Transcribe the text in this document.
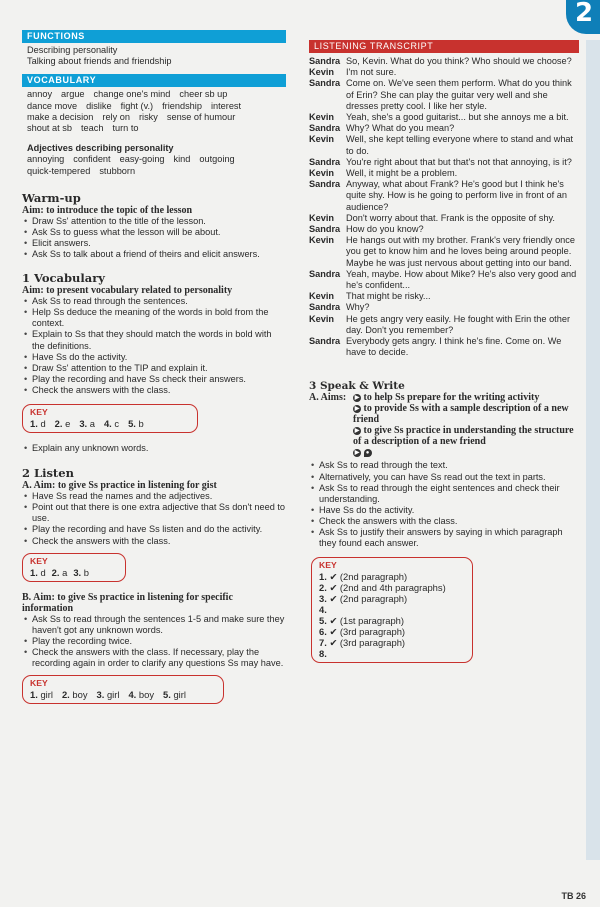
2
FUNCTIONS
Describing personality
Talking about friends and friendship
VOCABULARY
annoy argue change one's mind cheer sb up
dance move dislike fight (v.) friendship interest
make a decision rely on risky sense of humour
shout at sb teach turn to
Adjectives describing personality
annoying confident easy-going kind outgoing
quick-tempered stubborn
Warm-up
Aim: to introduce the topic of the lesson
• Draw Ss' attention to the title of the lesson.
• Ask Ss to guess what the lesson will be about.
• Elicit answers.
• Ask Ss to talk about a friend of theirs and elicit answers.
1 Vocabulary
Aim: to present vocabulary related to personality
• Ask Ss to read through the sentences.
• Help Ss deduce the meaning of the words in bold from the context.
• Explain to Ss that they should match the words in bold with the definitions.
• Have Ss do the activity.
• Draw Ss' attention to the TIP and explain it.
• Play the recording and have Ss check their answers.
• Check the answers with the class.
KEY
1. d 2. e 3. a 4. c 5. b
• Explain any unknown words.
2 Listen
A. Aim: to give Ss practice in listening for gist
• Have Ss read the names and the adjectives.
• Point out that there is one extra adjective that Ss don't need to use.
• Play the recording and have Ss listen and do the activity.
• Check the answers with the class.
KEY
1. d 2. a 3. b
B. Aim: to give Ss practice in listening for specific information
• Ask Ss to read through the sentences 1-5 and make sure they haven't got any unknown words.
• Play the recording twice.
• Check the answers with the class. If necessary, play the recording again in order to clarify any questions Ss may have.
KEY
1. girl 2. boy 3. girl 4. boy 5. girl
LISTENING TRANSCRIPT
Sandra So, Kevin. What do you think? Who should we choose?
Kevin	I'm not sure.
Sandra Come on. We've seen them perform. What do you think of Erin? She can play the guitar very well and she dresses pretty cool. I like her style.
Kevin	Yeah, she's a good guitarist... but she annoys me a bit.
Sandra Why? What do you mean?
Kevin	Well, she kept telling everyone where to stand and what to do.
Sandra You're right about that but that's not that annoying, is it?
Kevin	Well, it might be a problem.
Sandra Anyway, what about Frank? He's good but I think he's quite shy. How is he going to perform live in front of an audience?
Kevin	Don't worry about that. Frank is the opposite of shy.
Sandra How do you know?
Kevin	He hangs out with my brother. Frank's very friendly once you get to know him and he loves being around people. Maybe he was just nervous about getting into our band.
Sandra Yeah, maybe. How about Mike? He's also very good and he's confident...
Kevin	That might be risky...
Sandra Why?
Kevin	He gets angry very easily. He fought with Erin the other day. Don't you remember?
Sandra Everybody gets angry. I think he's fine. Come on. We have to decide.
3 Speak & Write
A. Aims:	▶ to help Ss prepare for the writing activity
▶ to provide Ss with a sample description of a new friend
▶ to give Ss practice in understanding the structure of a description of a new friend
▶ ●
• Ask Ss to read through the text.
• Alternatively, you can have Ss read out the text in parts.
• Ask Ss to read through the eight sentences and check their understanding.
• Have Ss do the activity.
• Check the answers with the class.
• Ask Ss to justify their answers by saying in which paragraph they found each answer.
KEY
1. ✔ (2nd paragraph)
2. ✔ (2nd and 4th paragraphs)
3. ✔ (2nd paragraph)
4.
5. ✔ (1st paragraph)
6. ✔ (3rd paragraph)
7. ✔ (3rd paragraph)
8.
TB 26
